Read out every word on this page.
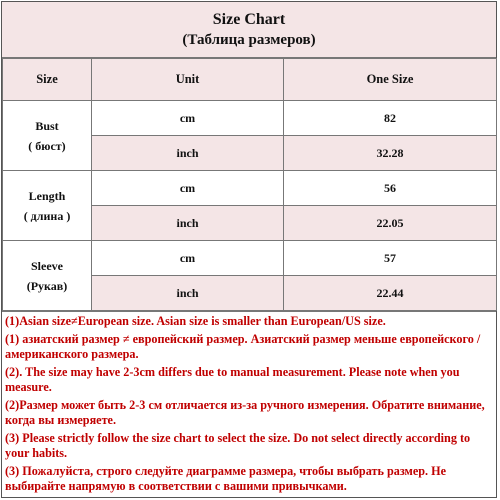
Size Chart
(Таблица размеров)
Size	Unit	One Size

Bust
( бюст)	cm	82
	inch	32.28

Length
( длина )	cm	56
	inch	22.05

Sleeve
(Рукав)	cm	57
	inch	22.44
(1)Asian size≠European size. Asian size is smaller than European/US size.
(1) азиатский размер ≠ европейский размер. Азиатский размер меньше европейского / американского размера.
(2). The size may have 2-3cm differs due to manual measurement. Please note when you measure.
(2)Размер может быть 2-3 см отличается из-за ручного измерения. Обратите внимание, когда вы измеряете.
(3) Please strictly follow the size chart to select the size. Do not select directly according to your habits.
(3) Пожалуйста, строго следуйте диаграмме размера, чтобы выбрать размер. Не выбирайте напрямую в соответствии с вашими привычками.
